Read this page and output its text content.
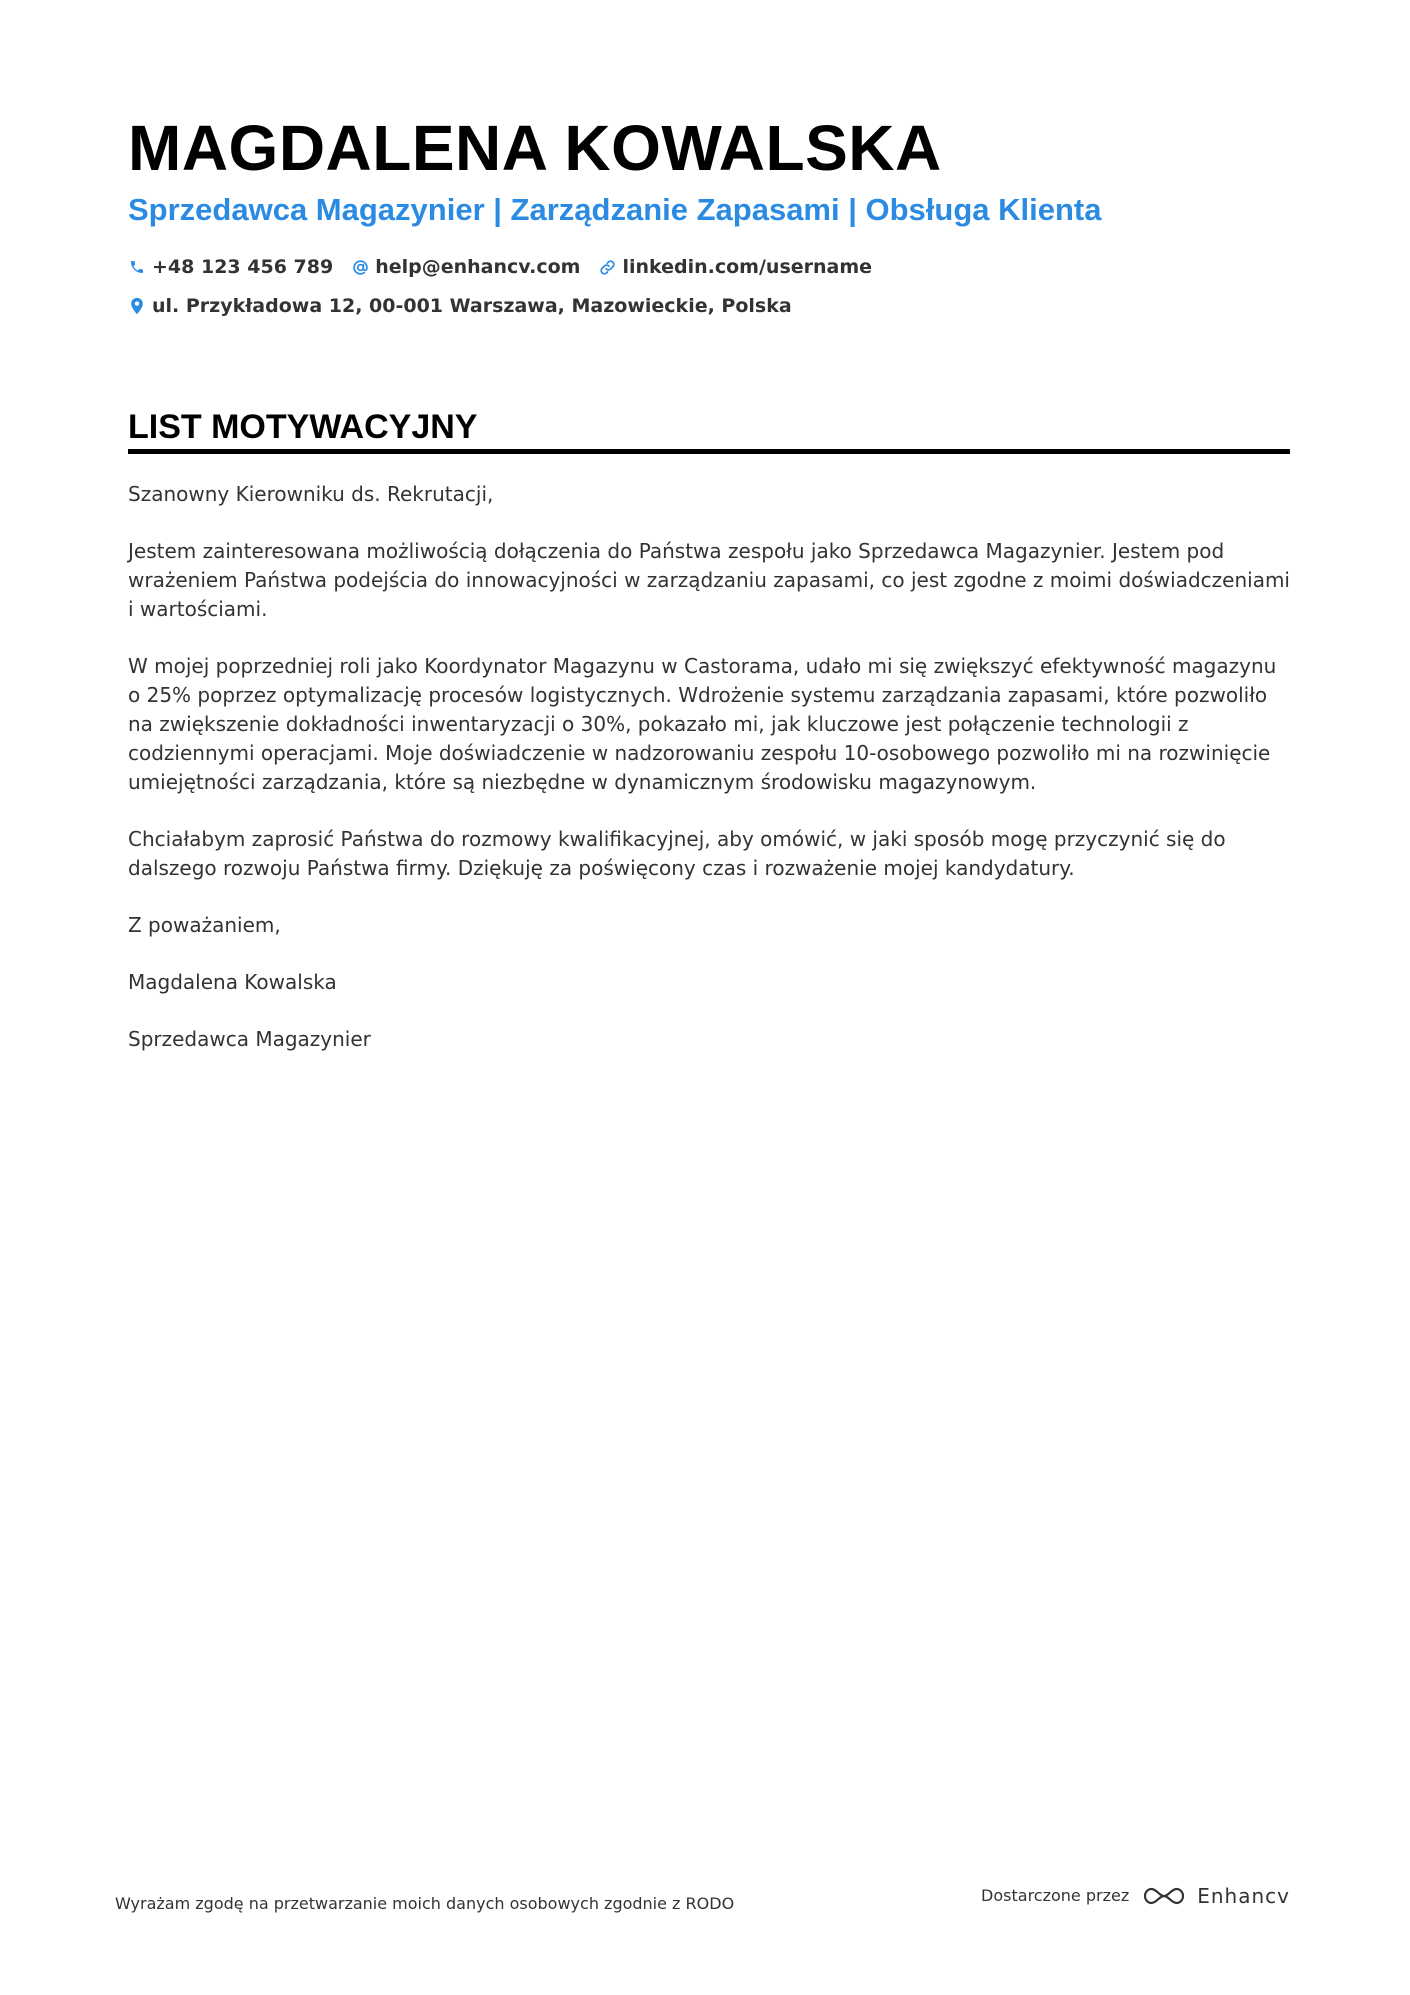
MAGDALENA KOWALSKA
Sprzedawca Magazynier | Zarządzanie Zapasami | Obsługa Klienta
+48 123 456 789 help@enhancv.com linkedin.com/username
ul. Przykładowa 12, 00-001 Warszawa, Mazowieckie, Polska
LIST MOTYWACYJNY

Szanowny Kierowniku ds. Rekrutacji,

Jestem zainteresowana możliwością dołączenia do Państwa zespołu jako Sprzedawca Magazynier. Jestem pod wrażeniem Państwa podejścia do innowacyjności w zarządzaniu zapasami, co jest zgodne z moimi doświadczeniami i wartościami.

W mojej poprzedniej roli jako Koordynator Magazynu w Castorama, udało mi się zwiększyć efektywność magazynu o 25% poprzez optymalizację procesów logistycznych. Wdrożenie systemu zarządzania zapasami, które pozwoliło na zwiększenie dokładności inwentaryzacji o 30%, pokazało mi, jak kluczowe jest połączenie technologii z codziennymi operacjami. Moje doświadczenie w nadzorowaniu zespołu 10-osobowego pozwoliło mi na rozwinięcie umiejętności zarządzania, które są niezbędne w dynamicznym środowisku magazynowym.

Chciałabym zaprosić Państwa do rozmowy kwalifikacyjnej, aby omówić, w jaki sposób mogę przyczynić się do dalszego rozwoju Państwa firmy. Dziękuję za poświęcony czas i rozważenie mojej kandydatury.

Z poważaniem,

Magdalena Kowalska

Sprzedawca Magazynier

Wyrażam zgodę na przetwarzanie moich danych osobowych zgodnie z RODO	Dostarczone przez	Enhancv
